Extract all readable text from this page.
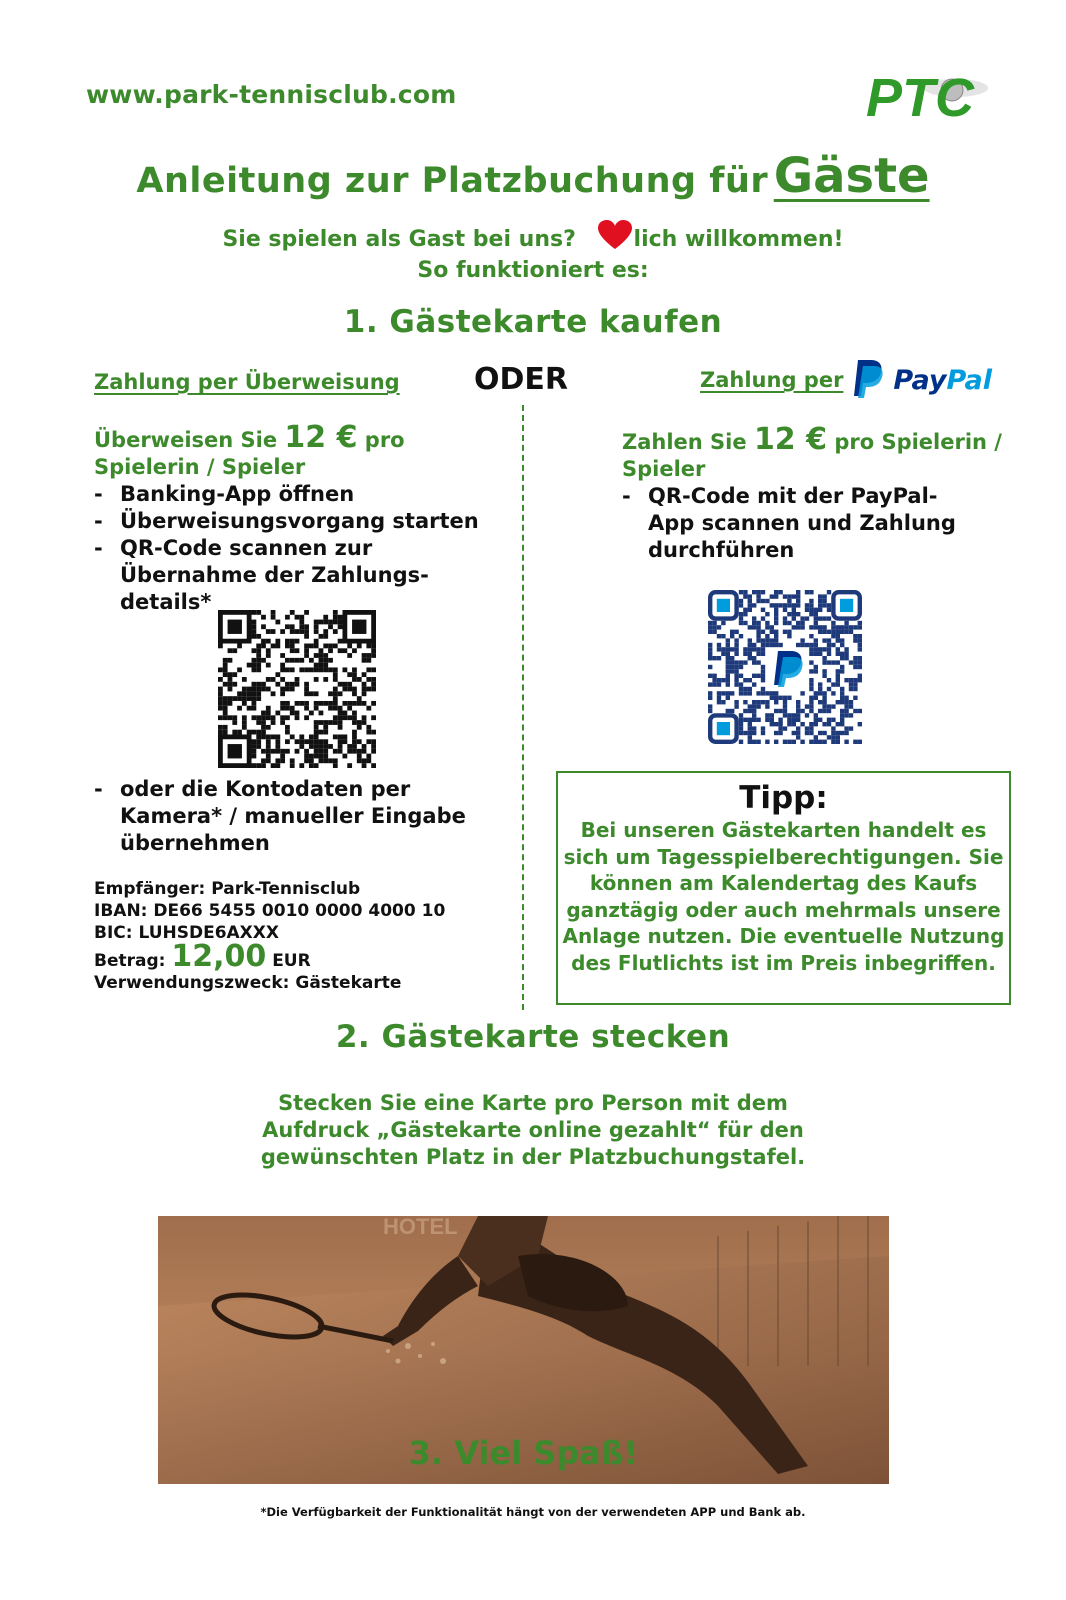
www.park-tennisclub.com	PTC
Anleitung zur Platzbuchung für Gäste
Sie spielen als Gast bei uns?	lich willkommen!
So funktioniert es:
1. Gästekarte kaufen
Zahlung per Überweisung ODER	Zahlung per PayPal
Überweisen Sie 12 € pro
Spielerin / Spieler
- Banking-App öffnen
- Überweisungsvorgang starten
- QR-Code scannen zur Übernahme der Zahlungs-details*
- oder die Kontodaten per Kamera* / manueller Eingabe übernehmen
Empfänger: Park-Tennisclub
IBAN: DE66 5455 0010 0000 4000 10
BIC: LUHSDE6AXXX
Betrag: 12,00 EUR
Verwendungszweck: Gästekarte
Zahlen Sie 12 € pro Spielerin /
Spieler
- QR-Code mit der PayPal-App scannen und Zahlung durchführen
Tipp:

Bei unseren Gästekarten handelt es sich um Tagesspielberechtigungen. Sie können am Kalendertag des Kaufs ganztägig oder auch mehrmals unsere Anlage nutzen. Die eventuelle Nutzung des Flutlichts ist im Preis inbegriffen.

2. Gästekarte stecken
Stecken Sie eine Karte pro Person mit dem
Aufdruck „Gästekarte online gezahlt“ für den
gewünschten Platz in der Platzbuchungstafel.
HOTEL
3. Viel Spaß!
*Die Verfügbarkeit der Funktionalität hängt von der verwendeten APP und Bank ab.
